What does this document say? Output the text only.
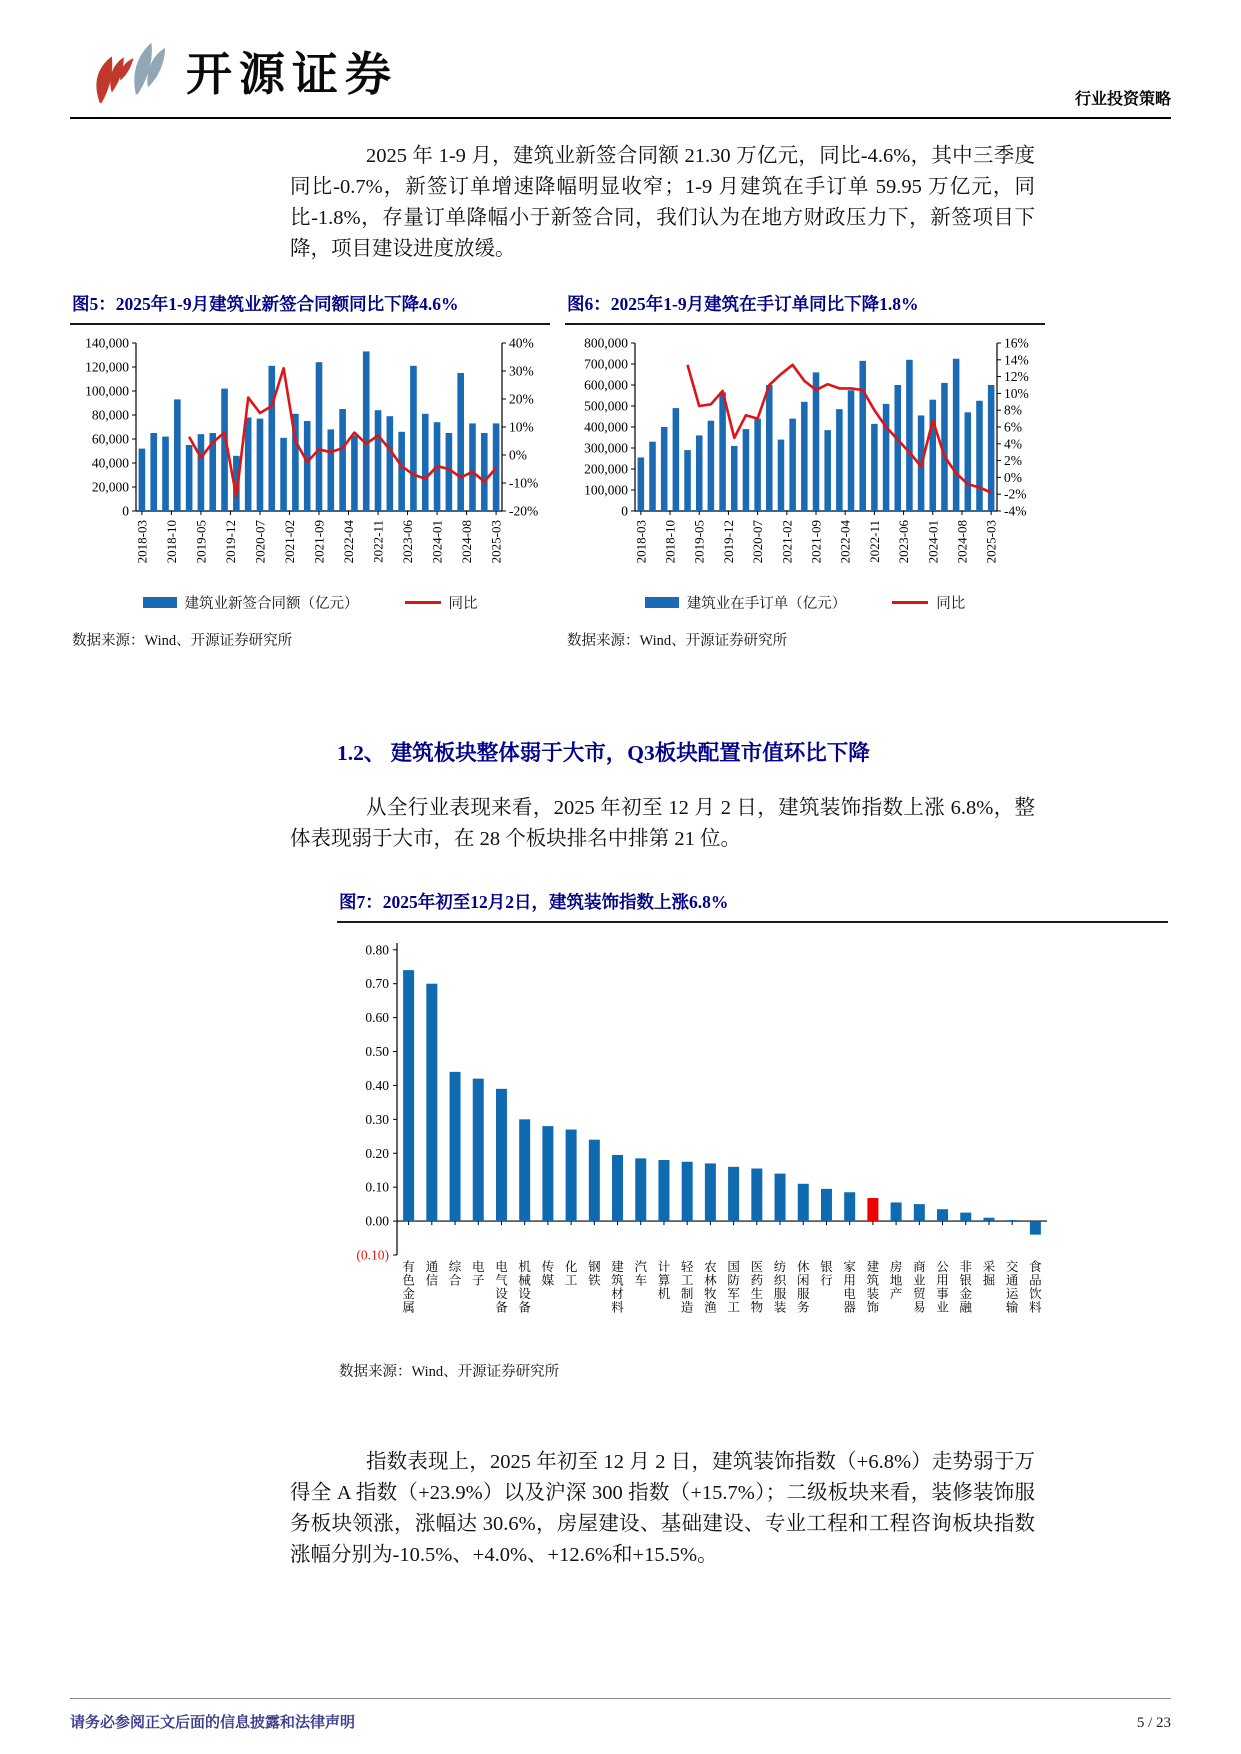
开源证券	行业投资策略

2025 年 1-9 月，建筑业新签合同额 21.30 万亿元，同比-4.6%，其中三季度同比-0.7%，新签订单增速降幅明显收窄；1-9 月建筑在手订单 59.95 万亿元，同比-1.8%，存量订单降幅小于新签合同，我们认为在地方财政压力下，新签项目下降，项目建设进度放缓。

图5：2025年1-9月建筑业新签合同额同比下降4.6%
0
20,000
40,000
60,000
80,000
100,000
120,000
140,000
-20%
-10%
0%
10%
20%
30%
40%
2018-03 2018-10 2019-05 2019-12 2020-07 2021-02 2021-09 2022-04 2022-11 2023-06 2024-01 2024-08 2025-03
建筑业新签合同额（亿元）	同比
数据来源：Wind、开源证券研究所
图6：2025年1-9月建筑在手订单同比下降1.8%
0
100,000
200,000
300,000
400,000
500,000
600,000
700,000
800,000
-4%
-2%
0%
2%
4%
6%
8%
10%
12%
14%
16%
2018-03 2018-10 2019-05 2019-12 2020-07 2021-02 2021-09 2022-04 2022-11 2023-06 2024-01 2024-08 2025-03
建筑业在手订单（亿元）	同比
数据来源：Wind、开源证券研究所
1.2、 建筑板块整体弱于大市，Q3板块配置市值环比下降

从全行业表现来看，2025 年初至 12 月 2 日，建筑装饰指数上涨 6.8%，整体表现弱于大市，在 28 个板块排名中排第 21 位。

图7：2025年初至12月2日，建筑装饰指数上涨6.8%
0.80
0.70
0.60
0.50
0.40
0.30
0.20
0.10
0.00
(0.10)
有色金属
通信
综合
电子
电气设备
机械设备
传媒
化工
钢铁
建筑材料
汽车
计算机
轻工制造
农林牧渔
国防军工
医药生物
纺织服装
休闲服务
银行
家用电器
建筑装饰
房地产
商业贸易
公用事业
非银金融
采掘
交通运输
食品饮料
数据来源：Wind、开源证券研究所

指数表现上，2025 年初至 12 月 2 日，建筑装饰指数（+6.8%）走势弱于万得全 A 指数（+23.9%）以及沪深 300 指数（+15.7%）；二级板块来看，装修装饰服务板块领涨，涨幅达 30.6%，房屋建设、基础建设、专业工程和工程咨询板块指数涨幅分别为-10.5%、+4.0%、+12.6%和+15.5%。

请务必参阅正文后面的信息披露和法律声明	5 / 23
